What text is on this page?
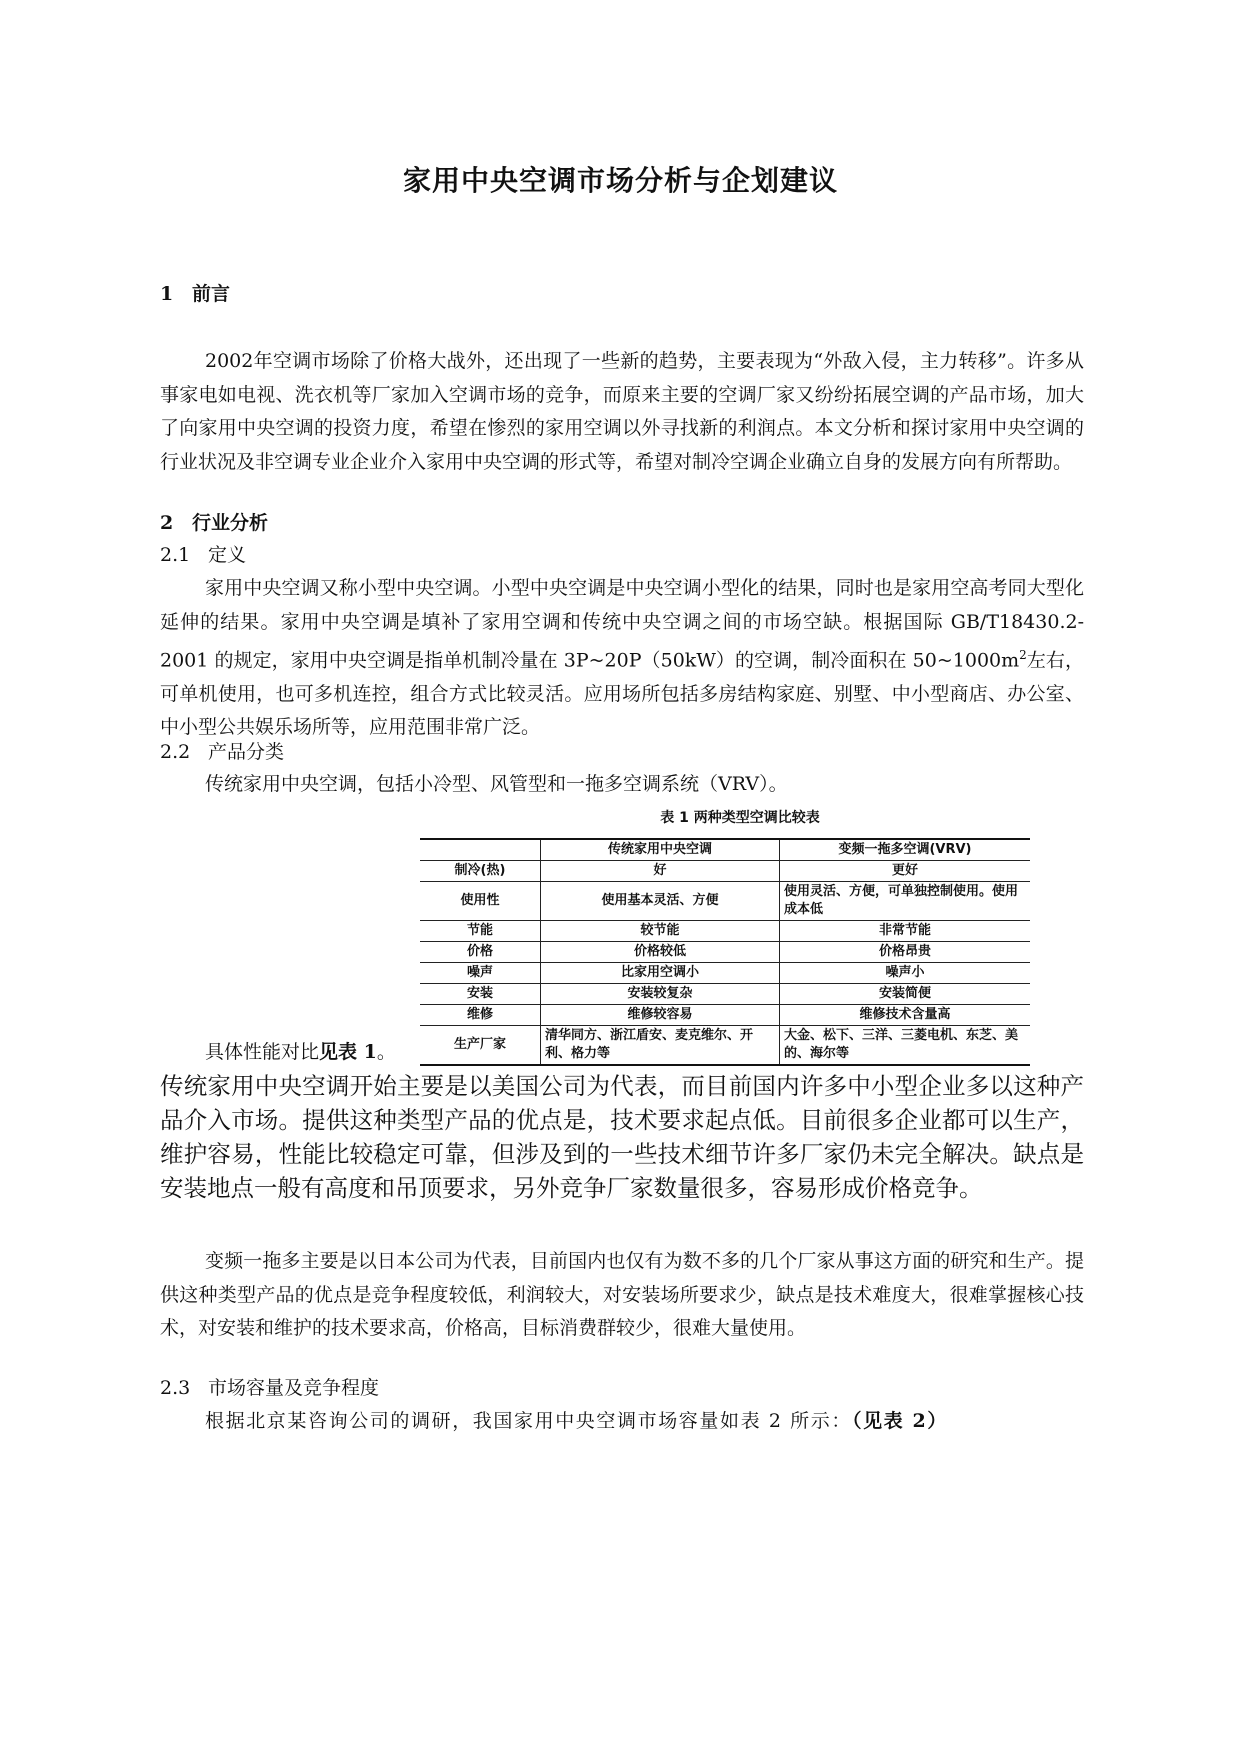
家用中央空调市场分析与企划建议
1 前言
2002年空调市场除了价格大战外，还出现了一些新的趋势，主要表现为“外敌入侵，主力转移”。许多从事家电如电视、洗衣机等厂家加入空调市场的竞争，而原来主要的空调厂家又纷纷拓展空调的产品市场，加大了向家用中央空调的投资力度，希望在惨烈的家用空调以外寻找新的利润点。本文分析和探讨家用中央空调的行业状况及非空调专业企业介入家用中央空调的形式等，希望对制冷空调企业确立自身的发展方向有所帮助。
2 行业分析
2.1 定义
家用中央空调又称小型中央空调。小型中央空调是中央空调小型化的结果，同时也是家用空高考同大型化延伸的结果。家用中央空调是填补了家用空调和传统中央空调之间的市场空缺。根据国际 GB/T18430.2-2001 的规定，家用中央空调是指单机制冷量在 3P~20P（50kW）的空调，制冷面积在 $50\sim 1000m^2$左右，可单机使用，也可多机连控，组合方式比较灵活。应用场所包括多房结构家庭、别墅、中小型商店、办公室、中小型公共娱乐场所等，应用范围非常广泛。
2.2 产品分类
传统家用中央空调，包括小冷型、风管型和一拖多空调系统（VRV）。
表 1 两种类型空调比较表
	传统家用中央空调	变频一拖多空调(VRV)
制冷(热)	好	更好
使用性	使用基本灵活、方便	使用灵活、方便，可单独控制使用。使用成本低
节能	较节能	非常节能
价格	价格较低	价格昂贵
噪声	比家用空调小	噪声小
安装	安装较复杂	安装简便
维修	维修较容易	维修技术含量高
生产厂家	清华同方、浙江盾安、麦克维尔、开利、格力等	大金、松下、三洋、三菱电机、东芝、美的、海尔等
具体性能对比见表 1。
传统家用中央空调开始主要是以美国公司为代表，而目前国内许多中小型企业多以这种产品介入市场。提供这种类型产品的优点是，技术要求起点低。目前很多企业都可以生产，维护容易，性能比较稳定可靠，但涉及到的一些技术细节许多厂家仍未完全解决。缺点是安装地点一般有高度和吊顶要求，另外竞争厂家数量很多，容易形成价格竞争。
变频一拖多主要是以日本公司为代表，目前国内也仅有为数不多的几个厂家从事这方面的研究和生产。提供这种类型产品的优点是竞争程度较低，利润较大，对安装场所要求少，缺点是技术难度大，很难掌握核心技术，对安装和维护的技术要求高，价格高，目标消费群较少，很难大量使用。
2.3 市场容量及竞争程度
根据北京某咨询公司的调研，我国家用中央空调市场容量如表 2 所示：（见表 2）
